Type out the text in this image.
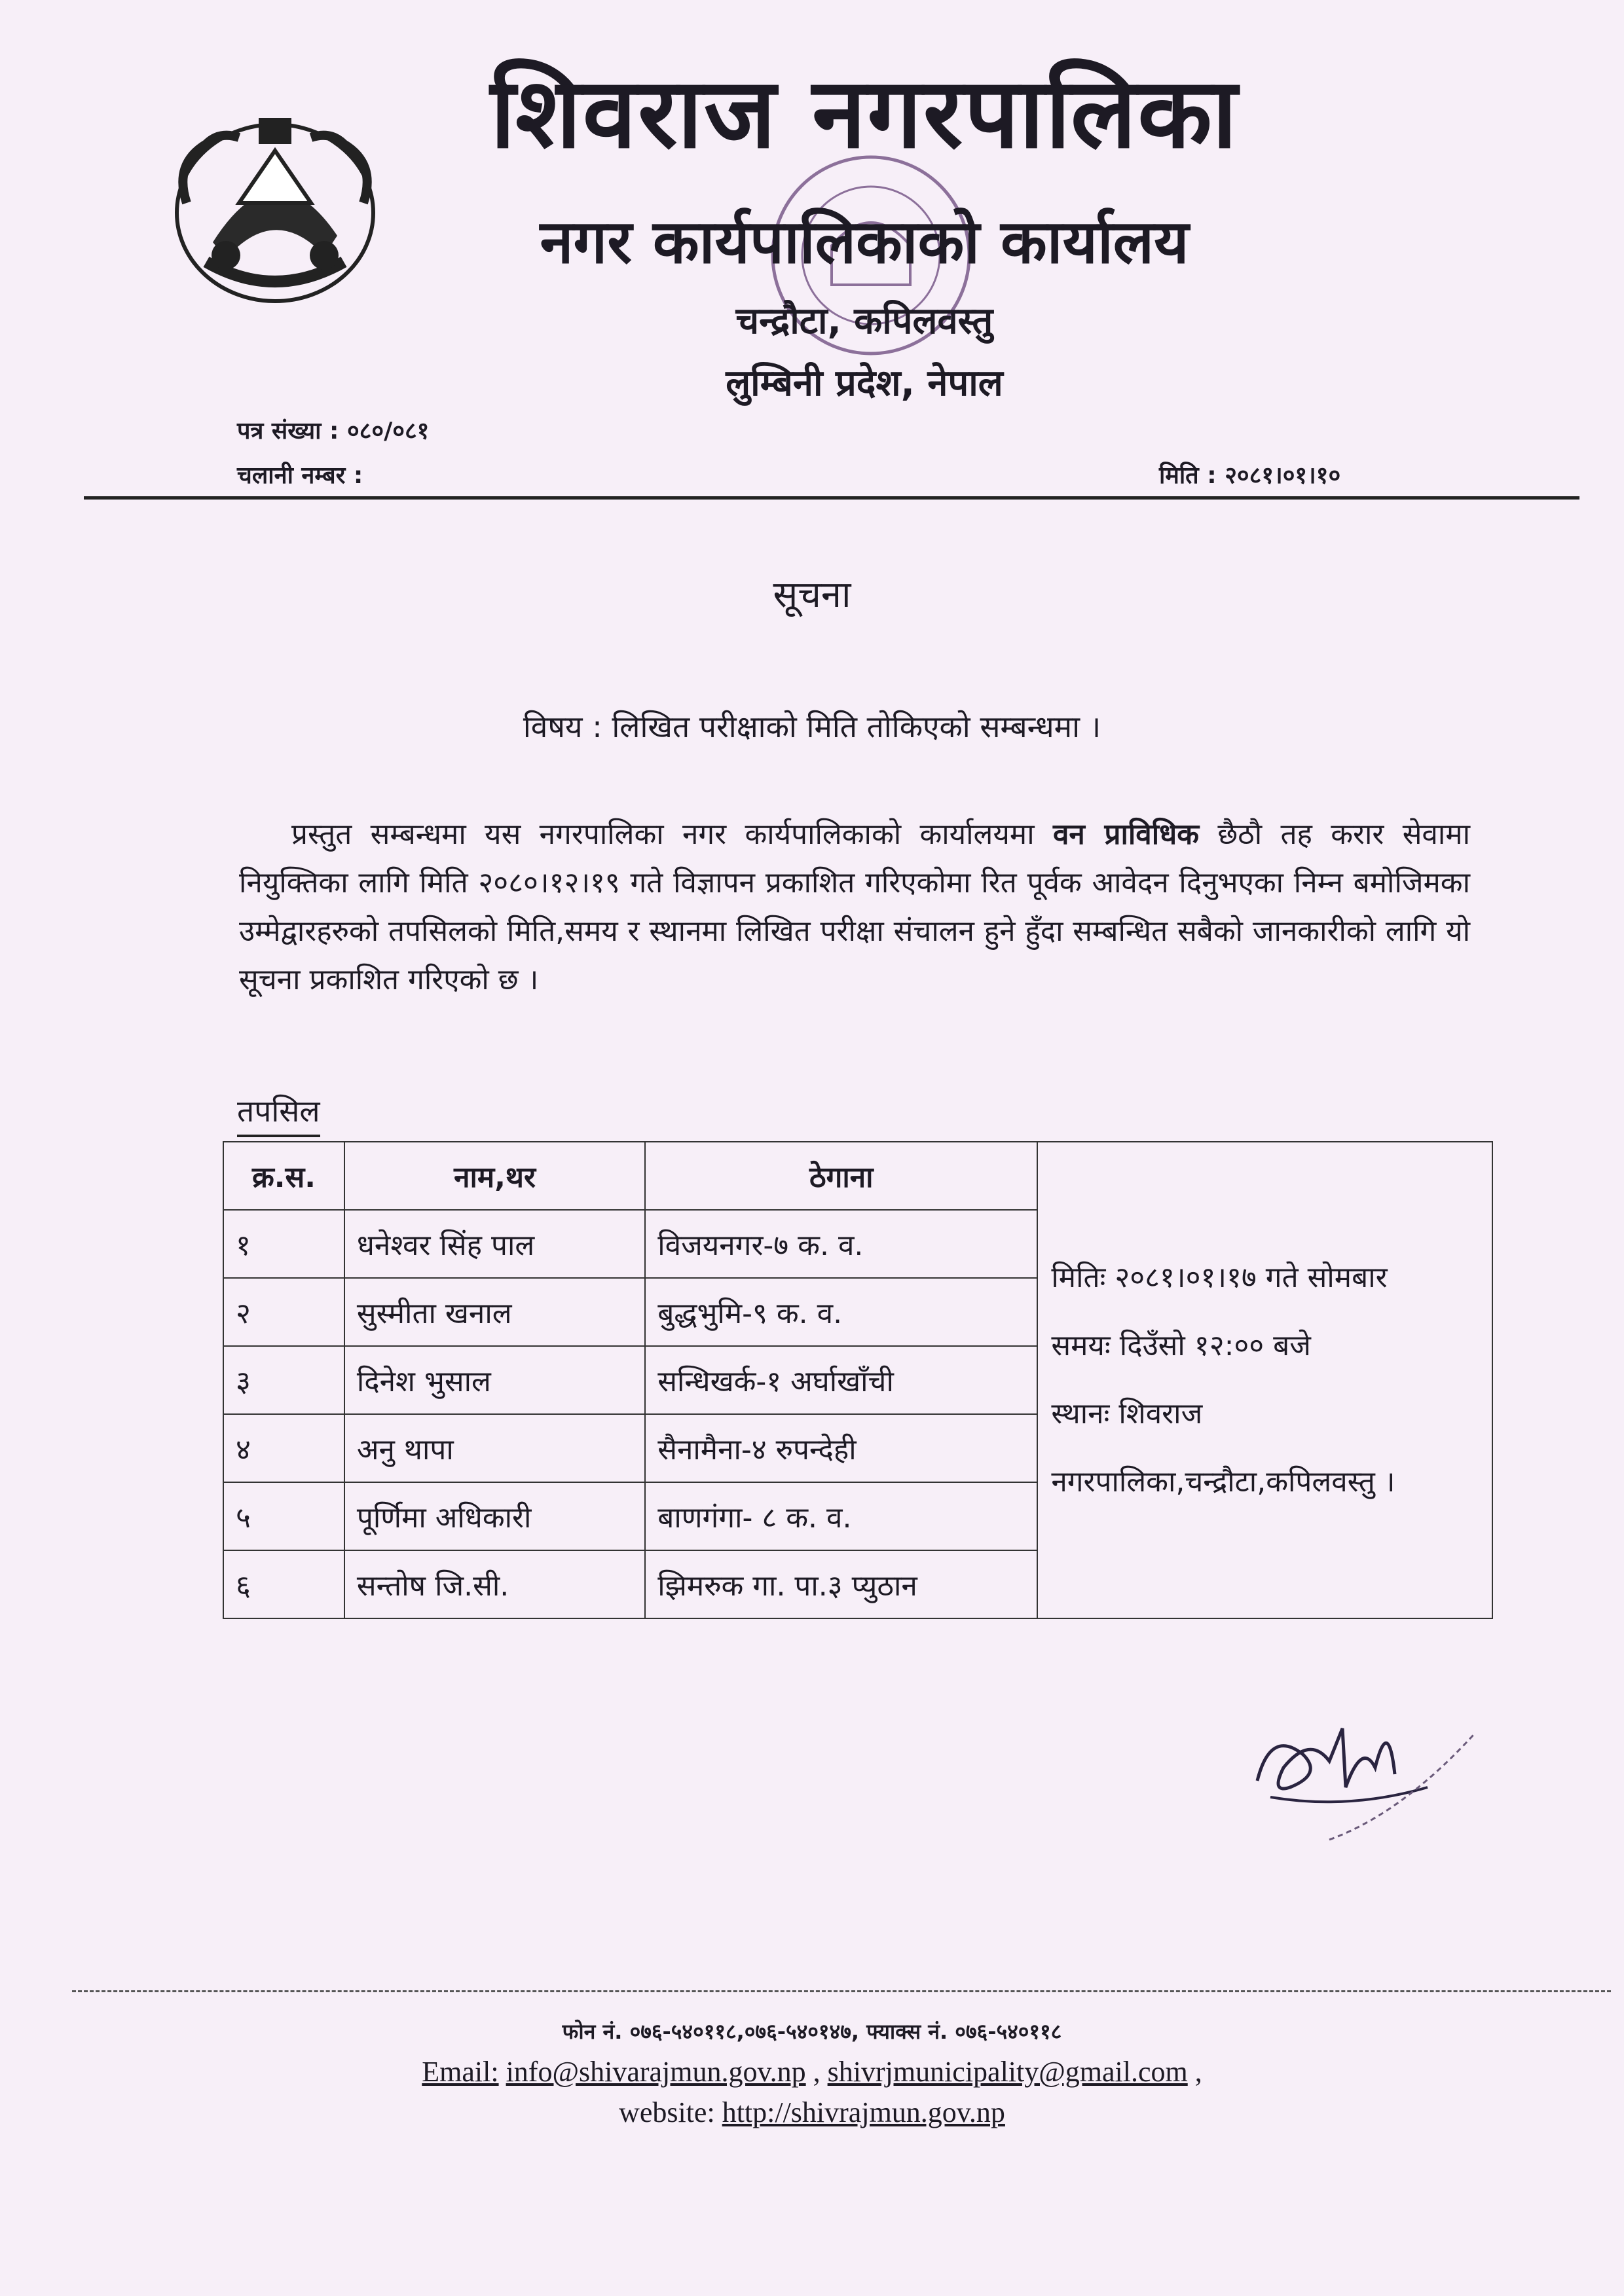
शिवराज नगरपालिका
नगर कार्यपालिकाको कार्यालय
चन्द्रौटा, कपिलवस्तु
लुम्बिनी प्रदेश, नेपाल
पत्र संख्या : ०८०/०८१
चलानी नम्बर :	मिति : २०८१।०१।१०
सूचना
विषय : लिखित परीक्षाको मिति तोकिएको सम्बन्धमा ।
प्रस्तुत सम्बन्धमा यस नगरपालिका नगर कार्यपालिकाको कार्यालयमा वन प्राविधिक छैठौ तह करार सेवामा नियुक्तिका लागि मिति २०८०।१२।१९ गते विज्ञापन प्रकाशित गरिएकोमा रित पूर्वक आवेदन दिनुभएका निम्न बमोजिमका उम्मेद्वारहरुको तपसिलको मिति,समय र स्थानमा लिखित परीक्षा संचालन हुने हुँदा सम्बन्धित सबैको जानकारीको लागि यो सूचना प्रकाशित गरिएको छ ।
तपसिल
क्र.स.	नाम,थर	ठेगाना	मितिः २०८१।०१।१७ गते सोमबार
समयः दिउँसो १२:०० बजे
स्थानः शिवराज
नगरपालिका,चन्द्रौटा,कपिलवस्तु ।

१	धनेश्वर सिंह पाल	विजयनगर-७ क. व.	
२	सुस्मीता खनाल	बुद्धभुमि-९ क. व.	
३	दिनेश भुसाल	सन्धिखर्क-१ अर्घाखाँची	
४	अनु थापा	सैनामैना-४ रुपन्देही	
५	पूर्णिमा अधिकारी	बाणगंगा- ८ क. व.	
६	सन्तोष जि.सी.	झिमरुक गा. पा.३ प्युठान	
फोन नं. ०७६-५४०११८,०७६-५४०१४७, फ्याक्स नं. ०७६-५४०११८
Email: info@shivarajmun.gov.np , shivrjmunicipality@gmail.com ,
website: http://shivrajmun.gov.np
